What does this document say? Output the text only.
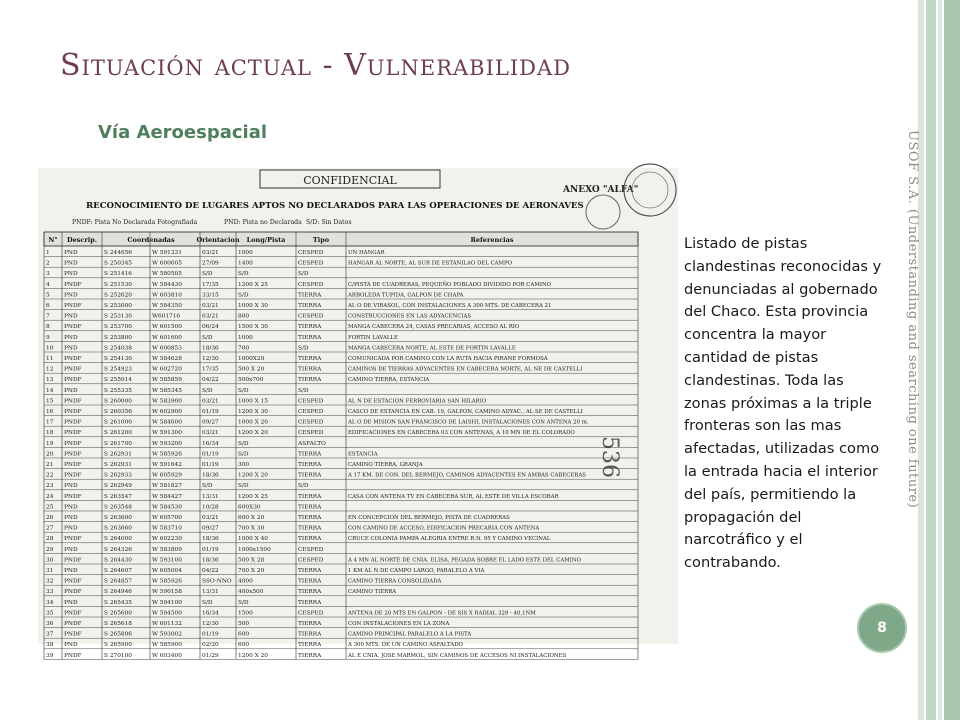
Situación actual - Vulnerabilidad
Vía Aeroespacial	USOF S.A. (Understanding and searching one future)
CONFIDENCIAL
ANEXO "ALFA"
RECONOCIMIENTO DE LUGARES APTOS NO DECLARADOS PARA LAS OPERACIONES DE AERONAVES
PNDF: Pista No Declarada Fotografiada	PND: Pista no Declarada S/D: Sin Datos
536
N° Descrip.	Coordenadas	Orientacion Long/Pista	Tipo	Referencias
1 PND	S 244656	W 591331	03/21	1000	CESPED	UN HANGAR
2 PND	S 250345	W 600605	27/09	1400	CESPED	HANGAR AL NORTE, AL SUR DE ESTANILAO DEL CAMPO
3 PND	S 251416	W 580505	S/D	S/D	S/D
4 PNDF	S 251530	W 584430	17/35	1200 X 25	CESPED	C/PISTA DE CUADRERAS, PEQUEÑO POBLADO DIVIDIDO POR CAMINO
5 PND	S 252620	W 603810	33/15	S/D	TIERRA	ARBOLEDA TUPIDA, GALPON DE CHAPA
6 PNDF	S 253000	W 584350	03/21	1000 X 30	TIERRA	AL O DE VIRASOL, CON INSTALACIONES A 300 MTS. DE CABECERA 21
7 PND	S 253130	W601716	03/21	800	CESPED	CONSTRUCCIONES EN LAS ADYACENCIAS
8 PNDF	S 253700	W 601500	06/24	1500 X 30	TIERRA	MANGA CABECERA 24, CASAS PRECARIAS, ACCESO AL RIO
9 PND	S 253800	W 601600	S/D	1000	TIERRA	FORTIN LAVALLE
10 PND	S 254038	W 600853	18/36	700	S/D	MANGA CABECERA NORTE, AL ESTE DE FORTIN LAVALLE
11 PNDF	S 254130	W 584628	12/30	1000X20	TIERRA	COMUNICADA POR CAMINO CON LA RUTA HACIA PIRANE FORMOSA
12 PNDF	S 254923	W 602720	17/35	500 X 20	TIERRA	CAMINOS DE TIERRAS ADYACENTES EN CABECERA NORTE, AL NE DE CASTELLI
13 PNDF	S 255014	W 585859	04/22	500x700	TIERRA	CAMINO TIERRA, ESTANCIA
14 PND	S 255335	W 585345	S/D	S/D	S/D
15 PNDF	S 260000	W 583900	03/21	1000 X 15	CESPED	AL N DE ESTACION FERROVIARIA SAN HILARIO
16 PNDF	S 260356	W 602900	01/19	1200 X 30	CESPED	CASCO DE ESTANCIA EN CAB. 19, GALPON, CAMINO ADYAC., AL SE DE CASTELLI
17 PNDF	S 261000	W 584600	09/27	1000 X 20	CESPED	AL O DE MISION SAN FRANCISCO DE LAISHI, INSTALACIONES CON ANTENA 20 m.
18 PNDF	S 261200	W 591300	03/21	1200 X 20	CESPED	EDIFICACIONES EN CABECERA 03 CON ANTENAS, A 10 MN DE EL COLORADO
19 PNDF	S 261700	W 593200	16/34	S/D	ASFALTO
20 PNDF	S 262931	W 585926	01/19	S/D	TIERRA	ESTANCIA
21 PNDF	S 262931	W 591642	01/19	300	TIERRA	CAMINO TIERRA, GRANJA
22 PNDF	S 262933	W 605929	18/36	1200 X 20	TIERRA	A 17 KM. DE CON. DEL BERMEJO, CAMINOS ADYACENTES EN AMBAS CABECERAS
23 PND	S 262949	W 581827	S/D	S/D	S/D
24 PNDF	S 263547	W 584427	13/31	1200 X 25	TIERRA	CASA CON ANTENA TV EN CABECERA SUR, AL ESTE DE VILLA ESCOBAR
25 PND	S 263548	W 584530	10/28	600X30	TIERRA
26 PND	S 263600	W 605700	03/21	600 X 20	TIERRA	EN CONCEPCION DEL BERMEJO, PISTA DE CUADRERAS
27 PND	S 263660	W 583710	09/27	700 X 30	TIERRA	CON CAMINO DE ACCESO, EDIFICACION PRECARIA CON ANTENA
28 PNDF	S 264000	W 602230	18/36	1000 X 40	TIERRA	CRUCE COLONIA PAMPA ALEGRIA ENTRE R.N. 95 Y CAMINO VECINAL
29 PND	S 264326	W 583809	01/19	1000x1500	CESPED
30 PNDF	S 264430	W 593100	18/36	500 X 28	CESPED	A 4 MN AL NORTE DE CNIA. ELISA, PEGADA SOBRE EL LADO ESTE DEL CAMINO
31 PND	S 264607	W 605004	04/22	700 X 20	TIERRA	1 KM AL N DE CAMPO LARGO, PARALELO A VIA
32 PNDF	S 264857	W 585926	SSO-NNO 4000	TIERRA	CAMINO TIERRA CONSOLIDADA
33 PNDF	S 264946	W 590158	13/31	400x500	TIERRA	CAMINO TIERRA
34 PND	S 265435	W 594100	S/D	S/D	TIERRA
35 PNDF	S 265600	W 594500	16/34	1500	CESPED	ANTENA DE 20 MTS EN GALPON - DE SIS X RADIAL 329 - 40,1NM
36 PNDF	S 265618	W 601132	12/30	500	TIERRA	CON INSTALACIONES EN LA ZONA
37 PNDF	S 265806	W 593002	01/19	600	TIERRA	CAMINO PRINCIPAL PARALELO A LA PISTA
38 PND	S 265900	W 585900	02/20	600	TIERRA	A 300 MTS. DE UN CAMINO ASFALTADO
39 PNDF	S 270100	W 603400	01/29	1200 X 20	TIERRA	AL E CNIA. JOSE MARMOL, SIN CAMINOS DE ACCESOS NI INSTALACIONES
Listado de pistas clandestinas reconocidas y denunciadas al gobernado del Chaco. Esta provincia concentra la mayor cantidad de pistas clandestinas. Toda las zonas próximas a la triple fronteras son las mas afectadas, utilizadas como la entrada hacia el interior del país, permitiendo la propagación del narcotráfico y el contrabando.
8
